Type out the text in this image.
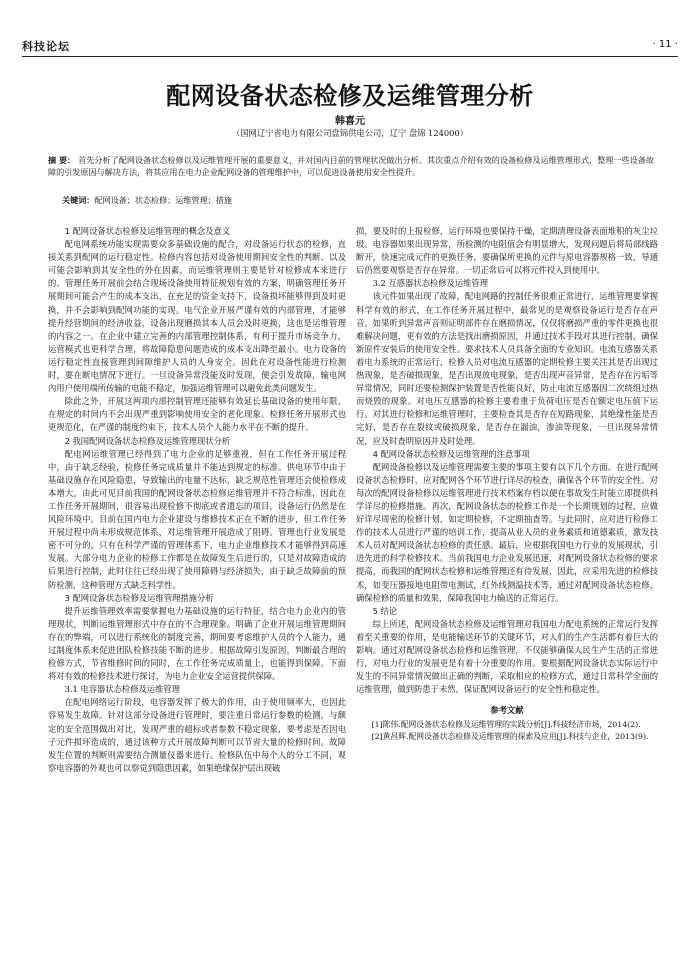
科技论坛	· 11 ·
配网设备状态检修及运维管理分析
韩喜元
（国网辽宁省电力有限公司盘锦供电公司，辽宁 盘锦 124000）
摘 要： 首先分析了配网设备状态检修以及运维管理开展的重要意义，并对国内目前的管理状况做出分析。其次重点介绍有效的设备检修及运维管理形式，整理一些设备故障的引发原因与解决方法，将其应用在电力企业配网设备的管理维护中，可以促进设备使用安全性提升。
关键词：配网设备；状态检修；运维管理；措施
1 配网设备状态检修及运维管理的概念及意义

配电网系统功能实现需要众多基础设施的配合，对设备运行状态的检修，直接关系到配网的运行稳定性。检修内容包括对设备使用期间安全性的判断、以及可能会影响到其安全性的外在因素，而运维管理则主要是针对检修成本来进行的。管理任务开展前会结合现场设备使用特征规划有效的方案，明确管理任务开展期间可能会产生的成本支出，在充足的资金支持下，设备损坏能够得到及时更换，并不会影响到配网功能的实现。电气企业开展严谨有效的内部管理，才能够提升经营期间的经济收益，设备出现磨损其本人员会及时更换，这也是运维管理的内容之一。在企业中建立完善的内部管理控制体系，有利于提升市场竞争力，运营模式也更科学合理，将故障隐患问题造成的成本支出降至最小。电力设备的运行稳定性直接管理到间隙维护人员的人身安全。因此在对设备性能进行检测时，要在断电情况下进行。一旦设备异常没能及时发现，便会引发故障，输电网內用户使用端所传输的电能不稳定，加强运维管理可以避免此类问题发生。

除此之外，开展这两项内部控制管理还能够有效延长基础设备的使用年限，在规定的时间内不会出现严重到影响使用安全的老化现象。检修任务开展形式也更规范化，在严谨的制度约束下，技术人员个人能力水平在不断的提升。

2 我国配网设备状态检修及运维管理现状分析

配电网运维管理已经得到了电力企业的足够重视，但在工作任务开展过程中，由于缺乏经验，检修任务完成质量并不能达到规定的标准。供电环节中由于基础设施存在风险隐患，导致输出的电量不达标，缺乏规范性管理还会使检修成本增大。由此可见目前我国的配网设备状态检修运维管理并不符合标准，因此在工作任务开展期间，很容易出现检修不彻底或者遗忘的项目，设备运行仍然是在风险环境中。目前在国内电力企业建设与维修技术正在不断的进步，但工作任务开展过程中尚未形成规范体系，对运维管理开展造成了阻碍。管理也行业发展是密不可分的，只有在科学严谨的管理体系下，电力企业维修技术才能够得到高速发展。大部分电力企业的检修工作都是在故障发生后进行的，只是对故障造成的后果进行控制，此时往往已经出现了使用障碍与经济损失，由于缺乏故障前的预防检测，这种管理方式缺乏科学性。

3 配网设备状态检修及运维管理措施分析

提升运维管理效率需要掌握电力基础设施的运行特征，结合电力企业内的管理现状，判断运维管理形式中存在的不合理现象。明确了企业开展运维管理期间存在的弊端，可以进行系统化的制度完善，期间要考虑维护人员的个人能力，通过制度体系来促进团队检修技能不断的进步。根据故障引发原因，判断最合理的检修方式，节省维修时间的同时，在工作任务完成质量上，也能得到保障。下面将对有效的检修技术进行探讨，为电力企业安全运营提供保障。

3.1 电容器状态检修及运维管理

在配电网络运行阶段，电容器发挥了极大的作用，由于使用频率大，也因此容易发生故障。针对这部分设备进行管理时，要注重日常运行参数的检测，与额定的安全范围做出对比，发现严重的超标或者参数不稳定现象，要考虑是否因电子元件损坏造成的，通过该种方式开展故障判断可以节省大量的检修时间。故障发生位置的判断则需要结合测量仪器来进行。检修队伍中每个人的分工不同，观察电容器的外观也可以察觉到隐患因素，如果绝缘保护层出现破

损，要及时的上报检修，运行环境也要保持干燥，定期清理设备表面堆积的灰尘垃圾。电容器如果出现异常，所检测的电阻值会有明显增大，发现问题后将局部线路断开，快速完成元件的更换任务，要确保所更换的元件与原电容器规格一致，导通后仍然要观察是否存在异常。一切正常后可以将元件投入到使用中。

3.2 互感器状态检修及运维管理

该元件如果出现了故障，配电网路的控制任务很难正常进行，运维管理要掌握科学有效的形式，在工作任务开展过程中，最常见的是观察设备运行是否存在声音。如果听到异常声音则证明部件存在磨损情况，仅仅将磨损严重的零件更换也很难解决问题，更有效的方法是找出磨损原因，并通过技术手段对其进行控制，确保新原件安装后的使用安全性。要求技术人员具备全面的专业知识。电流互感器关系着电力系统的正常运行，检修人员对电流互感器的定期检修主要关注其是否出现过热现象，是否破损现象，是否出现放电现象，是否出现声音异常，是否存在污垢等异常情况，同时还要检测保护装置是否性能良好，防止电流互感器因二次绕组过热而烧毁的现象。对电压互感器的检修主要看重于负荷电压是否在额定电压值下运行。对其进行检修和运维管理时，主要检查其是否存在短路现象，其绝缘性能是否完好，是否存在裂纹或破损现象，是否存在漏油，渗油等现象，一旦出现异常情况，应及时查明原因并及时处理。

4 配网设备状态检修及运维管理的注意事项

配网设备检修以及运维管理需要主要的事项主要有以下几个方面。在进行配网设备状态检修时，应对配网各个环节进行详尽的检查，确保各个环节的安全性。对每次的配网设备检修以运维管理进行技术档案存档以便在事故发生时能立即提供科学详尽的检修措施。再次，配网设备状态的检修工作是一个长期规划的过程，应做好详尽周密的检修计划，如定期检修，不定期抽查等。与此同时，应对进行检修工作的技术人员进行严谨的培训工作，提高从业人员的业务素质和道德素质，激发技术人员对配网设备状态检修的责任感。最后，应根据我国电力行业的发展现状，引进先进的科学检修技术。当前我国电力企业发展迅速，对配网设备状态检修的要求提高，而我国的配网状态检修和运维管理还有待发展，因此，应采用先进的检修技术，如变压器接地电阻带电测试，红外线测温技术等，通过对配网设备状态检修，确保检修的质量和效果，保障我国电力输送的正常运行。

5 结论

综上所述，配网设备状态检修及运维管理对我国电力配电系统的正常运行发挥着至关重要的作用，是电能输送环节的关键环节，对人们的生产生活都有着巨大的影响。通过对配网设备状态检修和运维管理，不仅能够确保人民生产生活的正常进行，对电力行业的发展更是有着十分重要的作用。要根据配网设备状态实际运行中发生的不同异常情况做出正确的判断，采取相应的检修方式，通过日常科学全面的运维管理，做到防患于未然，保证配网设备运行的安全性和稳定性。

参考文献

[1]陈伟.配网设备状态检修及运维管理的实践分析[J].科技经济市场，2014(2).

[2]黄昌辉.配网设备状态检修及运维管理的探索及应用[J].科技与企业，2013(9).
